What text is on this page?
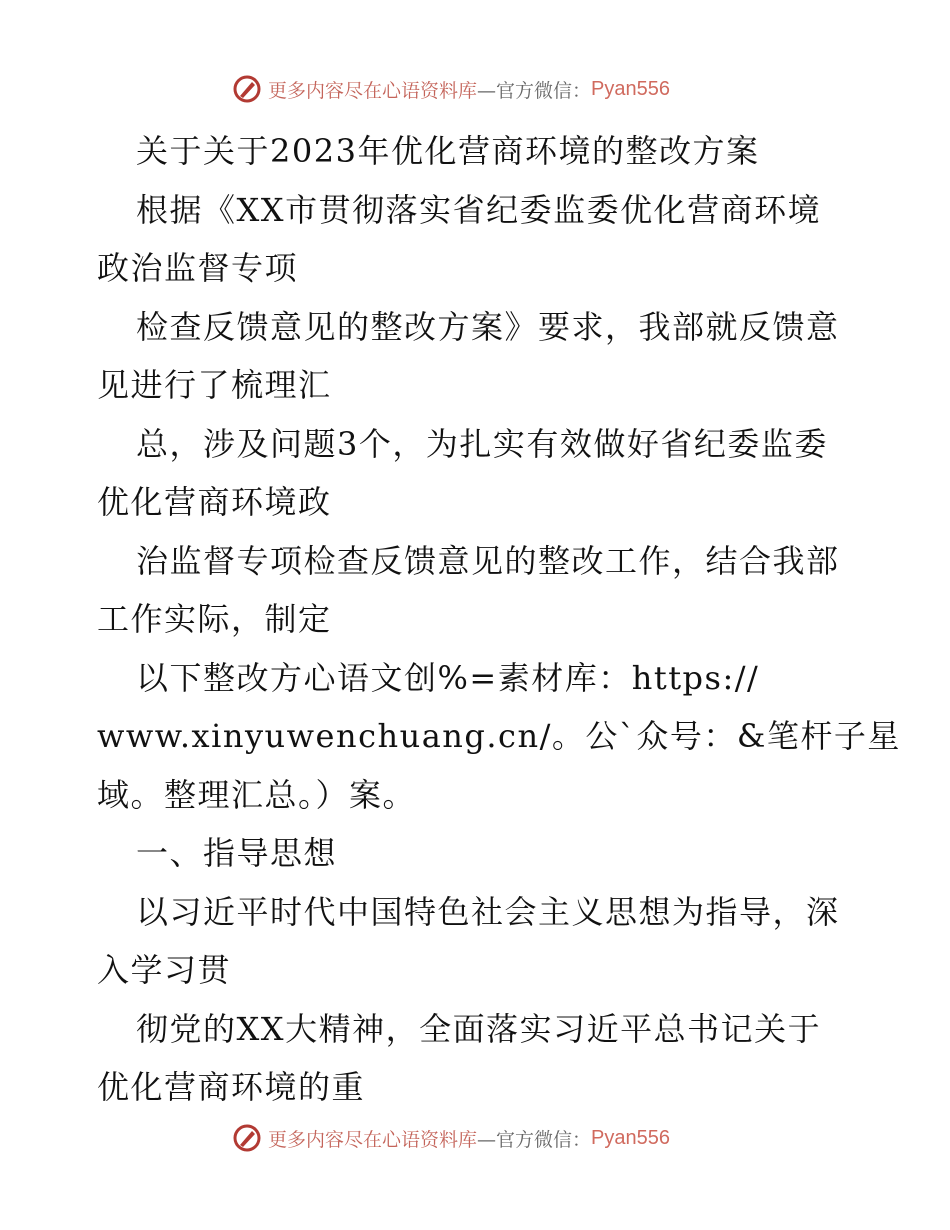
更多内容尽在心语资料库 —官方微信： Pyan556
关于关于2023年优化营商环境的整改方案
根据《XX市贯彻落实省纪委监委优化营商环境
政治监督专项
检查反馈意见的整改方案》要求，我部就反馈意
见进行了梳理汇
总，涉及问题3个，为扎实有效做好省纪委监委
优化营商环境政
治监督专项检查反馈意见的整改工作，结合我部
工作实际，制定
以下整改方心语文创%=素材库：https://
www.xinyuwenchuang.cn/。公`众号：&笔杆子星
域。整理汇总。）案。
一、指导思想
以习近平时代中国特色社会主义思想为指导，深
入学习贯
彻党的XX大精神，全面落实习近平总书记关于
优化营商环境的重
更多内容尽在心语资料库 —官方微信： Pyan556
